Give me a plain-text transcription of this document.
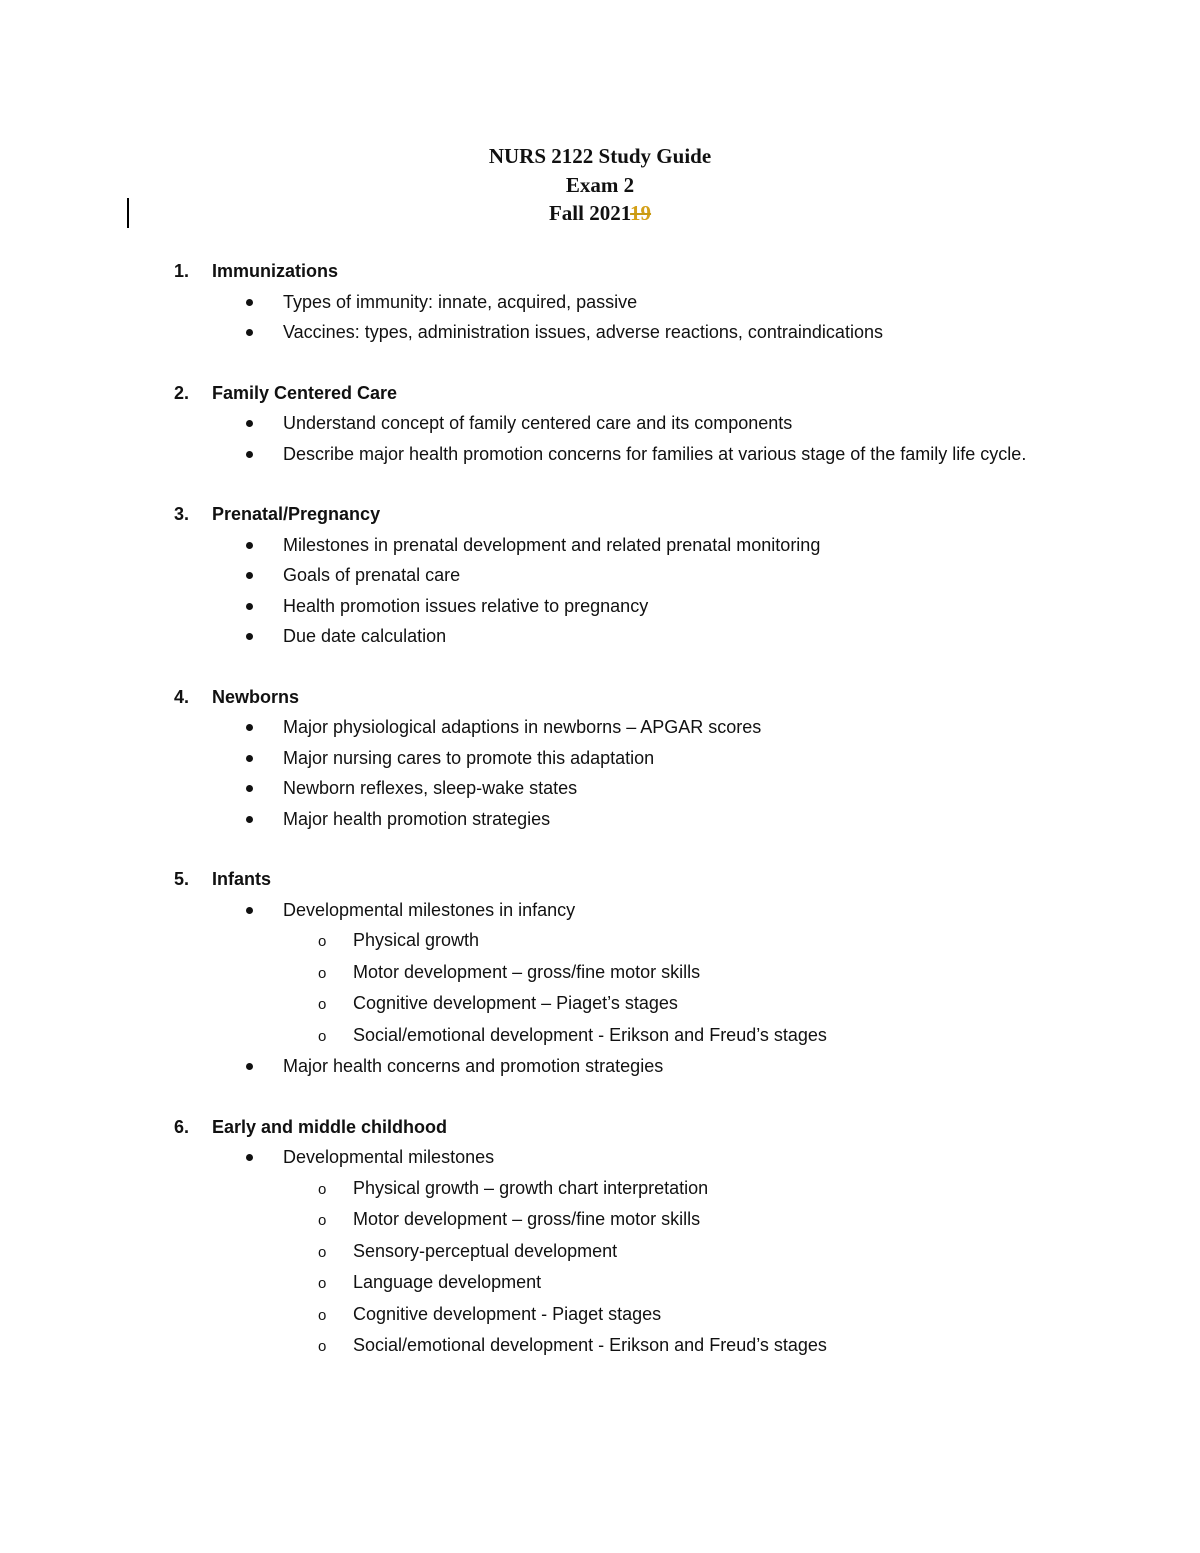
NURS 2122 Study Guide
Exam 2
Fall 202119
1. Immunizations
Types of immunity: innate, acquired, passive
Vaccines: types, administration issues, adverse reactions, contraindications
2. Family Centered Care
Understand concept of family centered care and its components
Describe major health promotion concerns for families at various stage of the family life cycle.
3. Prenatal/Pregnancy
Milestones in prenatal development and related prenatal monitoring
Goals of prenatal care
Health promotion issues relative to pregnancy
Due date calculation
4. Newborns
Major physiological adaptions in newborns – APGAR scores
Major nursing cares to promote this adaptation
Newborn reflexes, sleep-wake states
Major health promotion strategies
5. Infants
Developmental milestones in infancy
o Physical growth
o Motor development – gross/fine motor skills
o Cognitive development – Piaget’s stages
o Social/emotional development - Erikson and Freud’s stages
Major health concerns and promotion strategies
6. Early and middle childhood
Developmental milestones
o Physical growth – growth chart interpretation
o Motor development – gross/fine motor skills
o Sensory-perceptual development
o Language development
o Cognitive development - Piaget stages
o Social/emotional development - Erikson and Freud’s stages
